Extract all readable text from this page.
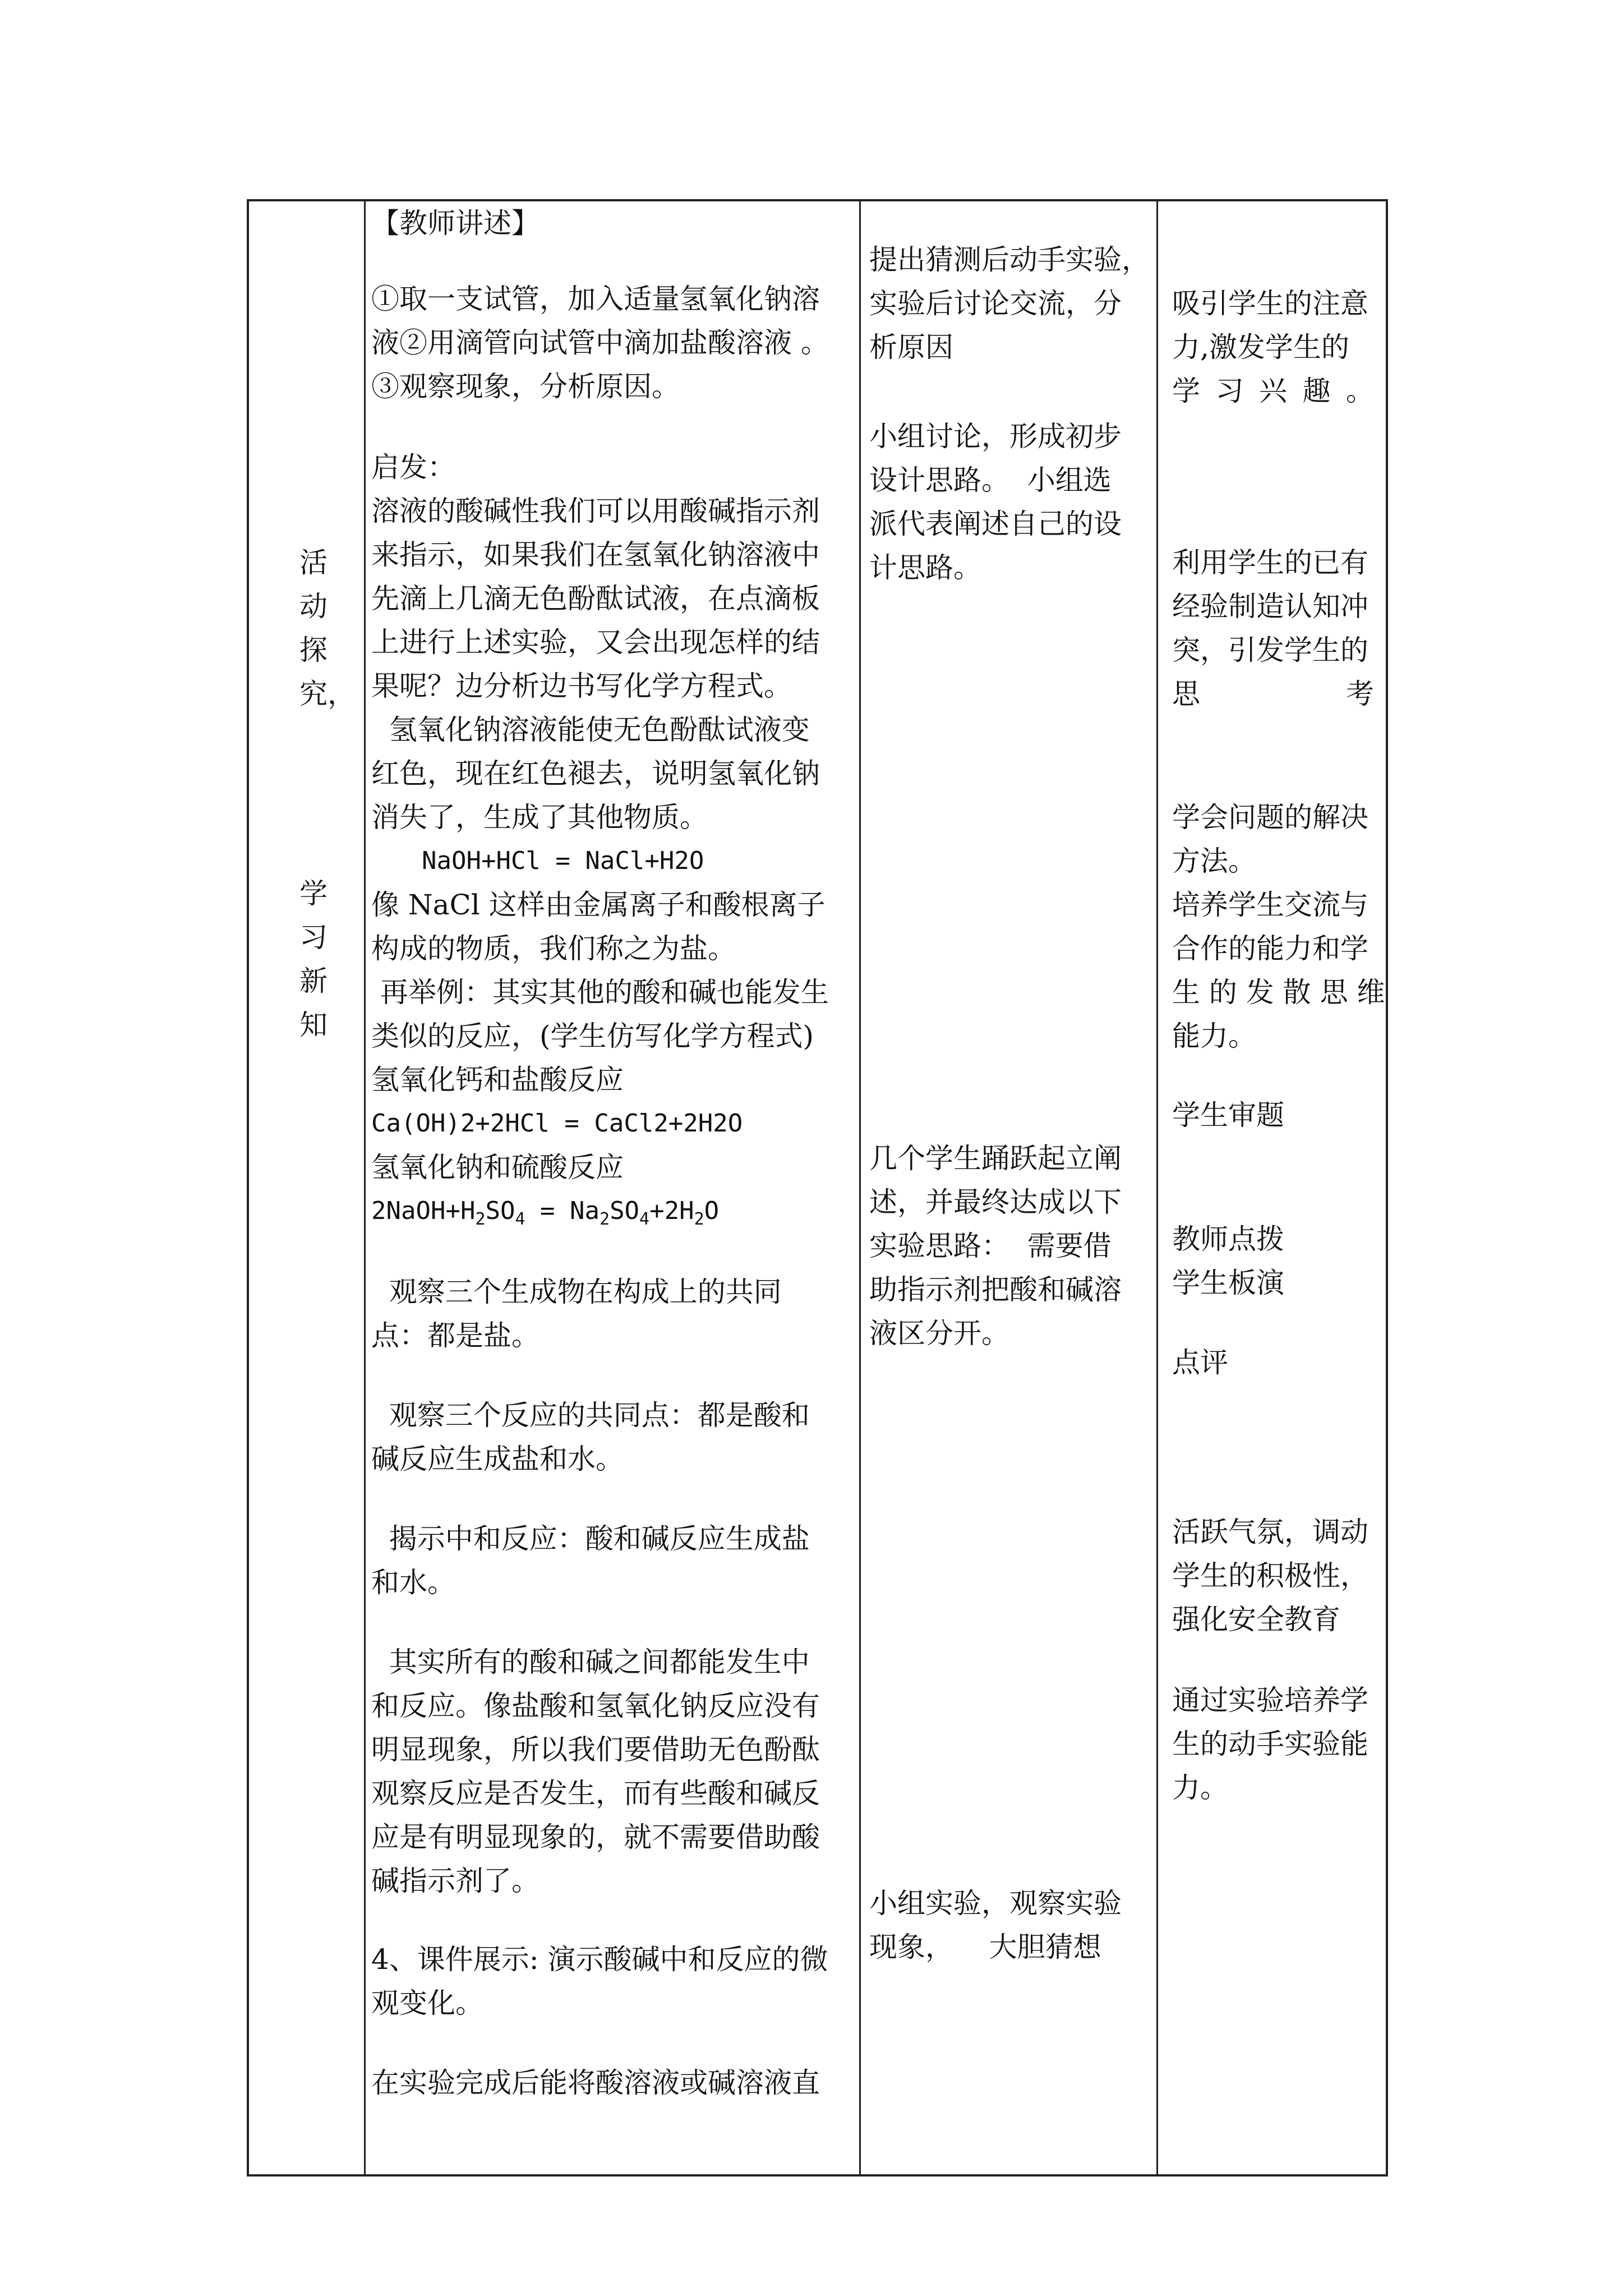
活
动
探
究，
学
习
新
知
【教师讲述】
①取一支试管，加入适量氢氧化钠溶
液②用滴管向试管中滴加盐酸溶液 。
③观察现象，分析原因。
启发：
溶液的酸碱性我们可以用酸碱指示剂
来指示，如果我们在氢氧化钠溶液中
先滴上几滴无色酚酞试液，在点滴板
上进行上述实验，又会出现怎样的结
果呢？边分析边书写化学方程式。
氢氧化钠溶液能使无色酚酞试液变
红色，现在红色褪去，说明氢氧化钠
消失了，生成了其他物质。
NaOH+HCl = NaCl+H2O
像 NaCl 这样由金属离子和酸根离子
构成的物质，我们称之为盐。
再举例：其实其他的酸和碱也能发生
类似的反应，(学生仿写化学方程式)
氢氧化钙和盐酸反应
Ca(OH)2+2HCl = CaCl2+2H2O
氢氧化钠和硫酸反应
$2NaOH+H_2SO_4 = Na_2SO_4+2H_2O$
观察三个生成物在构成上的共同
点：都是盐。
观察三个反应的共同点：都是酸和
碱反应生成盐和水。
揭示中和反应：酸和碱反应生成盐
和水。
其实所有的酸和碱之间都能发生中
和反应。像盐酸和氢氧化钠反应没有
明显现象，所以我们要借助无色酚酞
观察反应是否发生，而有些酸和碱反
应是有明显现象的，就不需要借助酸
碱指示剂了。
4、课件展示: 演示酸碱中和反应的微
观变化。
在实验完成后能将酸溶液或碱溶液直
提出猜测后动手实验，
实验后讨论交流，分
析原因
小组讨论，形成初步
设计思路。  小组选
派代表阐述自己的设
计思路。
几个学生踊跃起立阐
述，并最终达成以下
实验思路：  需要借
助指示剂把酸和碱溶
液区分开。
小组实验，观察实验
现象，    大胆猜想
吸引学生的注意
力,激发学生的
学 习 兴 趣 。
利用学生的已有
经验制造认知冲
突，引发学生的
思	考
学会问题的解决
方法。
培养学生交流与
合作的能力和学
生 的 发 散 思 维
能力。
学生审题
教师点拨
学生板演
点评
活跃气氛，调动
学生的积极性，
强化安全教育
通过实验培养学
生的动手实验能
力。
